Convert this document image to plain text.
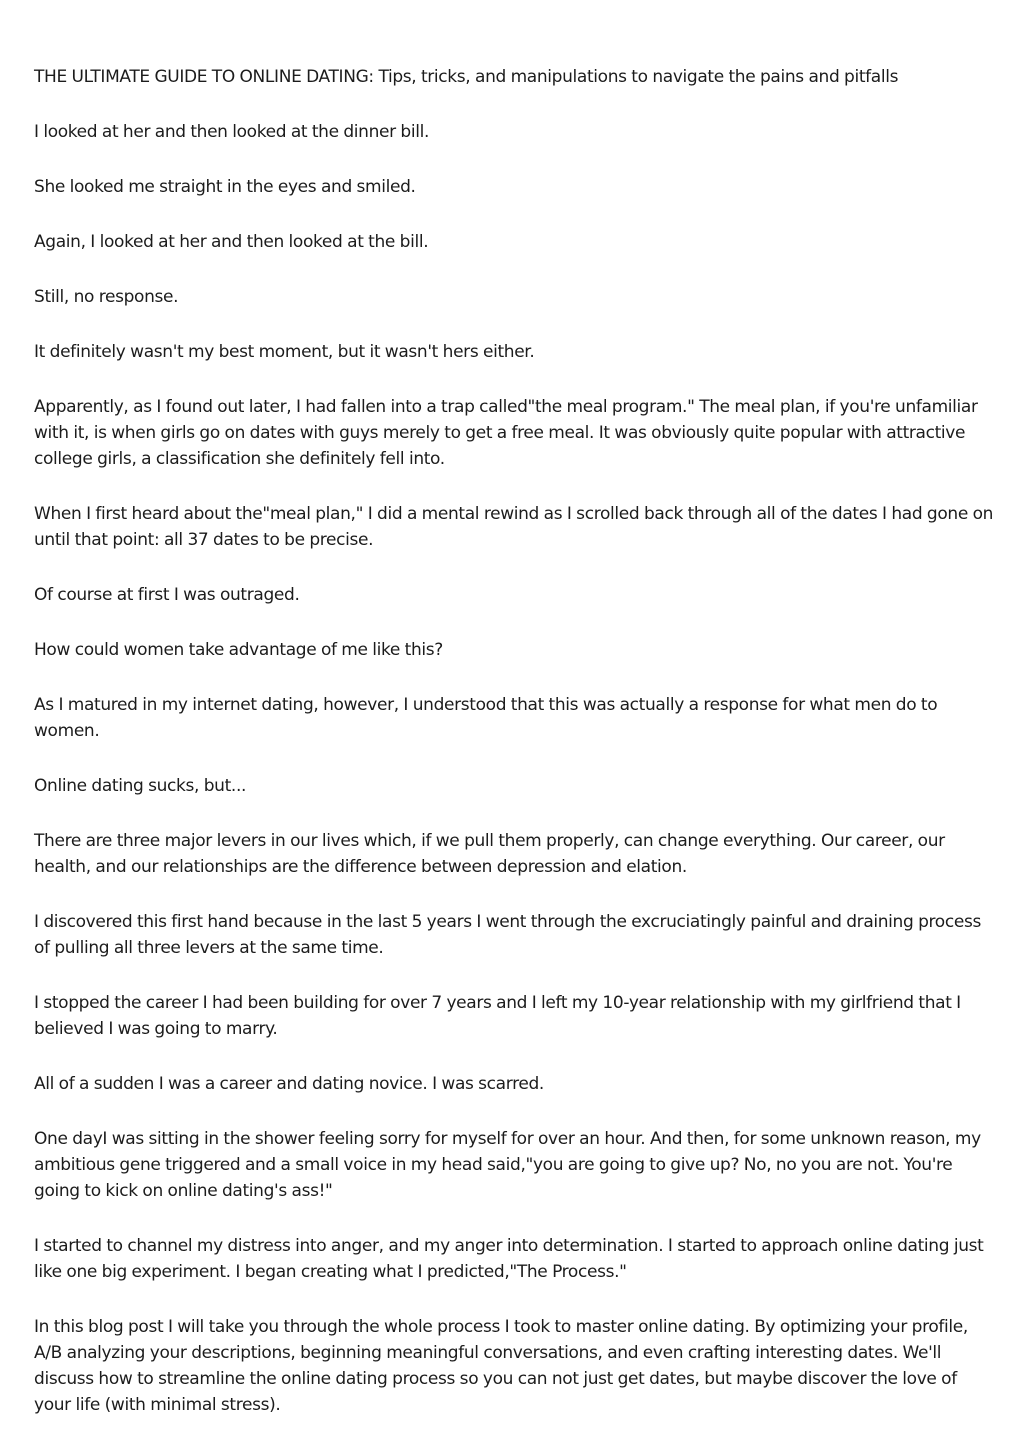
THE ULTIMATE GUIDE TO ONLINE DATING: Tips, tricks, and manipulations to navigate the pains and pitfalls

I looked at her and then looked at the dinner bill.

She looked me straight in the eyes and smiled.

Again, I looked at her and then looked at the bill.

Still, no response.

It definitely wasn't my best moment, but it wasn't hers either.

Apparently, as I found out later, I had fallen into a trap called"the meal program." The meal plan, if you're unfamiliar with it, is when girls go on dates with guys merely to get a free meal. It was obviously quite popular with attractive college girls, a classification she definitely fell into.

When I first heard about the"meal plan," I did a mental rewind as I scrolled back through all of the dates I had gone on until that point: all 37 dates to be precise.

Of course at first I was outraged.

How could women take advantage of me like this?

As I matured in my internet dating, however, I understood that this was actually a response for what men do to women.

Online dating sucks, but...

There are three major levers in our lives which, if we pull them properly, can change everything. Our career, our health, and our relationships are the difference between depression and elation.

I discovered this first hand because in the last 5 years I went through the excruciatingly painful and draining process of pulling all three levers at the same time.

I stopped the career I had been building for over 7 years and I left my 10-year relationship with my girlfriend that I believed I was going to marry.

All of a sudden I was a career and dating novice. I was scarred.

One dayI was sitting in the shower feeling sorry for myself for over an hour. And then, for some unknown reason, my ambitious gene triggered and a small voice in my head said,"you are going to give up? No, no you are not. You're going to kick on online dating's ass!"

I started to channel my distress into anger, and my anger into determination. I started to approach online dating just like one big experiment. I began creating what I predicted,"The Process."

In this blog post I will take you through the whole process I took to master online dating. By optimizing your profile, A/B analyzing your descriptions, beginning meaningful conversations, and even crafting interesting dates. We'll discuss how to streamline the online dating process so you can not just get dates, but maybe discover the love of your life (with minimal stress).
